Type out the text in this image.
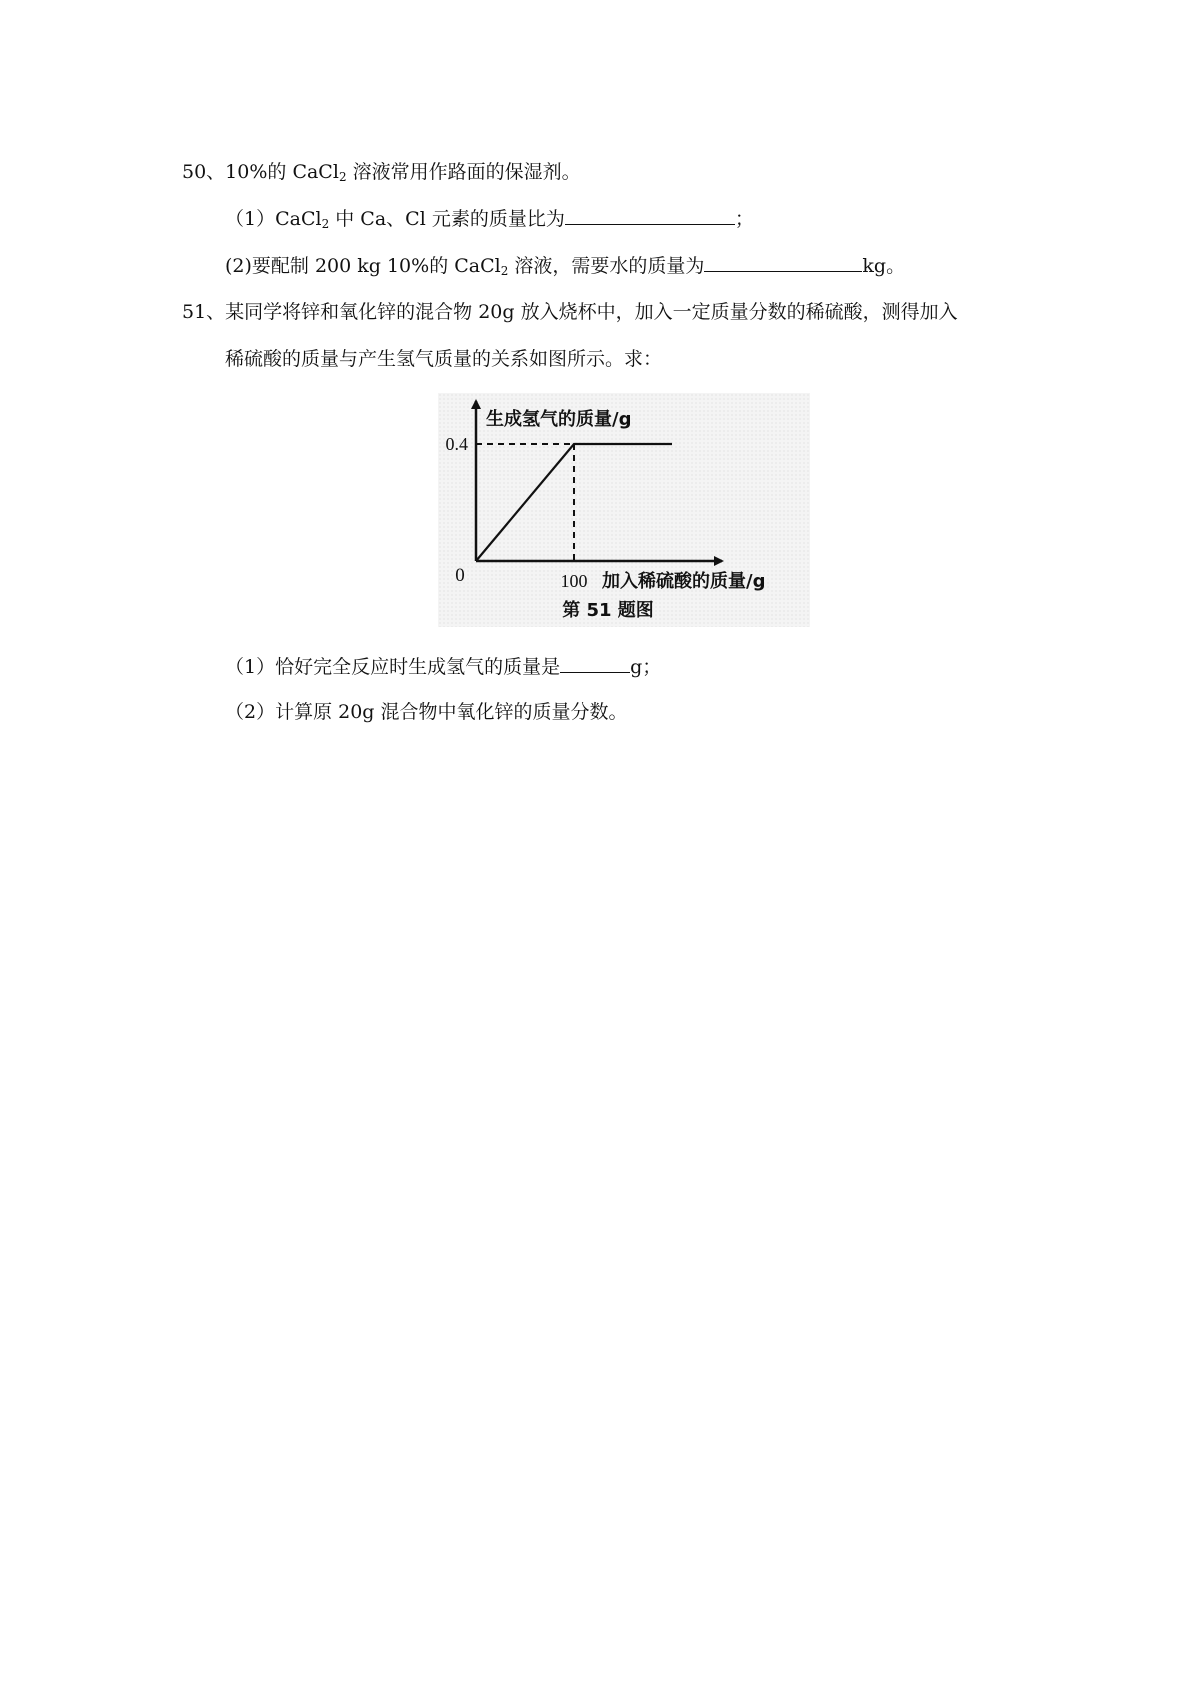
50、10%的 CaCl$_2$ 溶液常用作路面的保湿剂。
（1）CaCl$_2$ 中 Ca、Cl 元素的质量比为	；
(2)要配制 200 kg 10%的 CaCl$_2$ 溶液，需要水的质量为	kg。
51、某同学将锌和氧化锌的混合物 20g 放入烧杯中，加入一定质量分数的稀硫酸，测得加入
稀硫酸的质量与产生氢气质量的关系如图所示。求：
生成氢气的质量/g
0.4
0	100 加入稀硫酸的质量/g
第 51 题图
（1）恰好完全反应时生成氢气的质量是	g；
（2）计算原 20g 混合物中氧化锌的质量分数。
